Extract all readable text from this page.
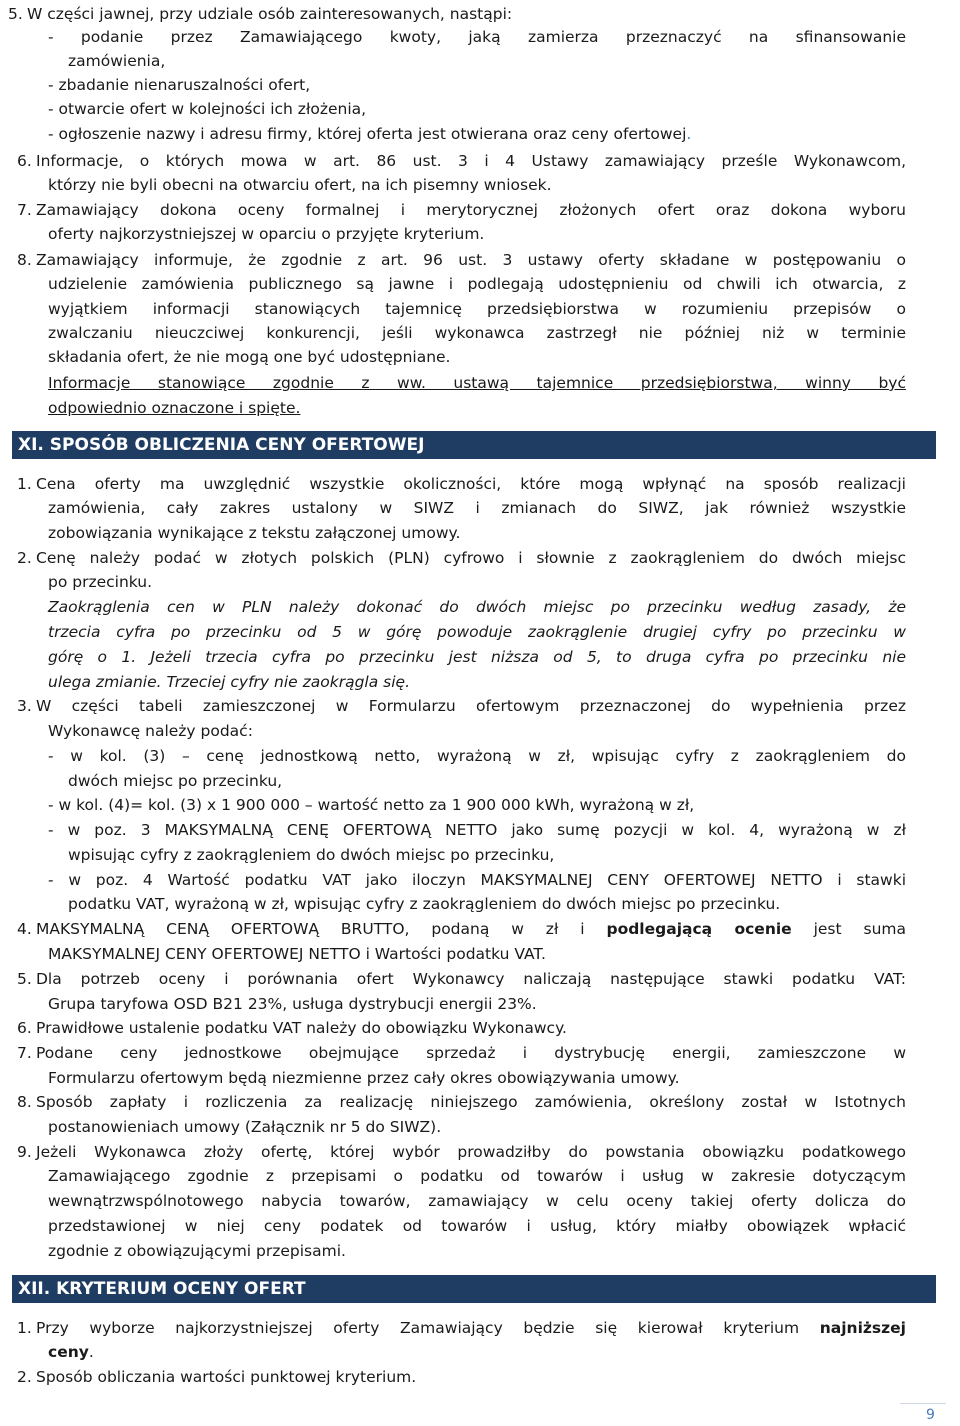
5. W części jawnej, przy udziale osób zainteresowanych, nastąpi:
- podanie przez Zamawiającego kwoty, jaką zamierza przeznaczyć na sfinansowanie
zamówienia,
- zbadanie nienaruszalności ofert,
- otwarcie ofert w kolejności ich złożenia,
- ogłoszenie nazwy i adresu firmy, której oferta jest otwierana oraz ceny ofertowej.
6. Informacje, o których mowa w art. 86 ust. 3 i 4 Ustawy zamawiający prześle Wykonawcom,
którzy nie byli obecni na otwarciu ofert, na ich pisemny wniosek.
7. Zamawiający dokona oceny formalnej i merytorycznej złożonych ofert oraz dokona wyboru
oferty najkorzystniejszej w oparciu o przyjęte kryterium.
8. Zamawiający informuje, że zgodnie z art. 96 ust. 3 ustawy oferty składane w postępowaniu o
udzielenie zamówienia publicznego są jawne i podlegają udostępnieniu od chwili ich otwarcia, z
wyjątkiem informacji stanowiących tajemnicę przedsiębiorstwa w rozumieniu przepisów o
zwalczaniu nieuczciwej konkurencji, jeśli wykonawca zastrzegł nie później niż w terminie
składania ofert, że nie mogą one być udostępniane.
Informacje stanowiące zgodnie z ww. ustawą tajemnice przedsiębiorstwa, winny być
odpowiednio oznaczone i spięte.
XI. SPOSÓB OBLICZENIA CENY OFERTOWEJ
1. Cena oferty ma uwzględnić wszystkie okoliczności, które mogą wpłynąć na sposób realizacji
zamówienia, cały zakres ustalony w SIWZ i zmianach do SIWZ, jak również wszystkie
zobowiązania wynikające z tekstu załączonej umowy.
2. Cenę należy podać w złotych polskich (PLN) cyfrowo i słownie z zaokrągleniem do dwóch miejsc
po przecinku.
Zaokrąglenia cen w PLN należy dokonać do dwóch miejsc po przecinku według zasady, że
trzecia cyfra po przecinku od 5 w górę powoduje zaokrąglenie drugiej cyfry po przecinku w
górę o 1. Jeżeli trzecia cyfra po przecinku jest niższa od 5, to druga cyfra po przecinku nie
ulega zmianie. Trzeciej cyfry nie zaokrągla się.
3. W części tabeli zamieszczonej w Formularzu ofertowym przeznaczonej do wypełnienia przez
Wykonawcę należy podać:
- w kol. (3) – cenę jednostkową netto, wyrażoną w zł, wpisując cyfry z zaokrągleniem do
dwóch miejsc po przecinku,
- w kol. (4)= kol. (3) x 1 900 000 – wartość netto za 1 900 000 kWh, wyrażoną w zł,
- w poz. 3 MAKSYMALNĄ CENĘ OFERTOWĄ NETTO jako sumę pozycji w kol. 4, wyrażoną w zł
wpisując cyfry z zaokrągleniem do dwóch miejsc po przecinku,
- w poz. 4 Wartość podatku VAT jako iloczyn MAKSYMALNEJ CENY OFERTOWEJ NETTO i stawki
podatku VAT, wyrażoną w zł, wpisując cyfry z zaokrągleniem do dwóch miejsc po przecinku.
4. MAKSYMALNĄ CENĄ OFERTOWĄ BRUTTO, podaną w zł i podlegającą ocenie jest suma
MAKSYMALNEJ CENY OFERTOWEJ NETTO i Wartości podatku VAT.
5. Dla potrzeb oceny i porównania ofert Wykonawcy naliczają następujące stawki podatku VAT:
Grupa taryfowa OSD B21 23%, usługa dystrybucji energii 23%.
6. Prawidłowe ustalenie podatku VAT należy do obowiązku Wykonawcy.
7. Podane ceny jednostkowe obejmujące sprzedaż i dystrybucję energii, zamieszczone w
Formularzu ofertowym będą niezmienne przez cały okres obowiązywania umowy.
8. Sposób zapłaty i rozliczenia za realizację niniejszego zamówienia, określony został w Istotnych
postanowieniach umowy (Załącznik nr 5 do SIWZ).
9. Jeżeli Wykonawca złoży ofertę, której wybór prowadziłby do powstania obowiązku podatkowego
Zamawiającego zgodnie z przepisami o podatku od towarów i usług w zakresie dotyczącym
wewnątrzwspólnotowego nabycia towarów, zamawiający w celu oceny takiej oferty dolicza do
przedstawionej w niej ceny podatek od towarów i usług, który miałby obowiązek wpłacić
zgodnie z obowiązującymi przepisami.
XII. KRYTERIUM OCENY OFERT
1. Przy wyborze najkorzystniejszej oferty Zamawiający będzie się kierował kryterium najniższej
ceny.
2. Sposób obliczania wartości punktowej kryterium.
9
